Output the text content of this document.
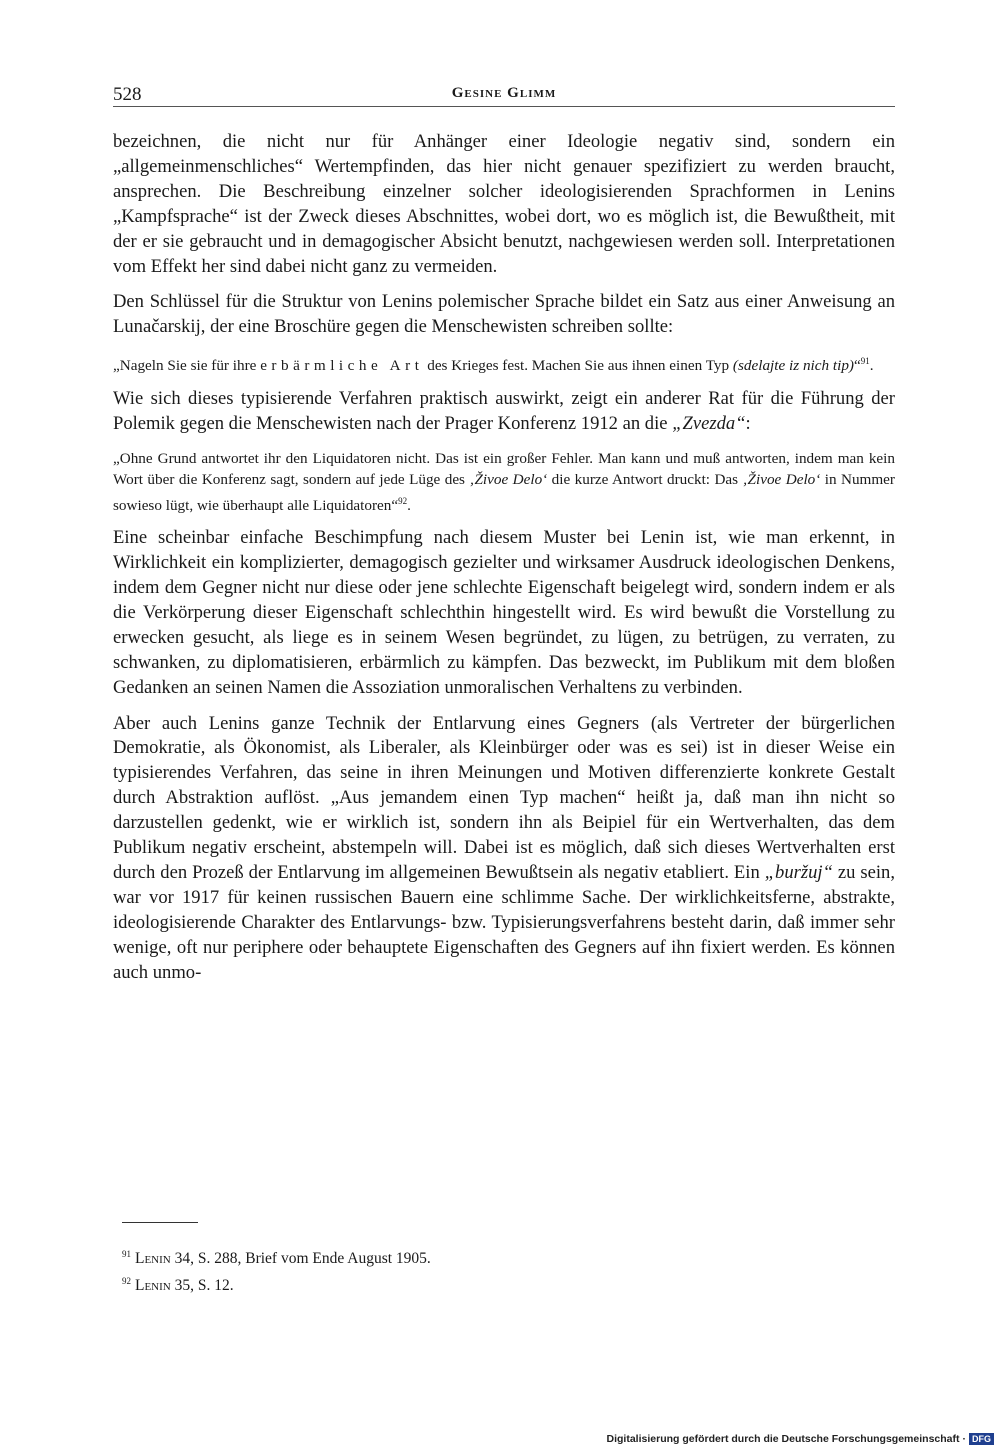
528	Gesine Glimm

bezeichnen, die nicht nur für Anhänger einer Ideologie negativ sind, sondern ein „allgemeinmenschliches“ Wertempfinden, das hier nicht genauer spezifiziert zu werden braucht, ansprechen. Die Beschreibung einzelner solcher ideologisierenden Sprachformen in Lenins „Kampfsprache“ ist der Zweck dieses Abschnittes, wobei dort, wo es möglich ist, die Bewußtheit, mit der er sie gebraucht und in demagogischer Absicht benutzt, nachgewiesen werden soll. Interpretationen vom Effekt her sind dabei nicht ganz zu vermeiden.

Den Schlüssel für die Struktur von Lenins polemischer Sprache bildet ein Satz aus einer Anweisung an Lunačarskij, der eine Broschüre gegen die Menschewisten schreiben sollte:

„Nageln Sie sie für ihre erbärmliche Art des Krieges fest. Machen Sie aus ihnen einen Typ (sdelajte iz nich tip)“$^{91}$.

Wie sich dieses typisierende Verfahren praktisch auswirkt, zeigt ein anderer Rat für die Führung der Polemik gegen die Menschewisten nach der Prager Konferenz 1912 an die „Zvezda“:

„Ohne Grund antwortet ihr den Liquidatoren nicht. Das ist ein großer Fehler. Man kann und muß antworten, indem man kein Wort über die Konferenz sagt, sondern auf jede Lüge des ‚Živoe Delo‘ die kurze Antwort druckt: Das ‚Živoe Delo‘ in Nummer sowieso lügt, wie überhaupt alle Liquidatoren“$^{92}$.

Eine scheinbar einfache Beschimpfung nach diesem Muster bei Lenin ist, wie man erkennt, in Wirklichkeit ein komplizierter, demagogisch gezielter und wirksamer Ausdruck ideologischen Denkens, indem dem Gegner nicht nur diese oder jene schlechte Eigenschaft beigelegt wird, sondern indem er als die Verkörperung dieser Eigenschaft schlechthin hingestellt wird. Es wird bewußt die Vorstellung zu erwecken gesucht, als liege es in seinem Wesen begründet, zu lügen, zu betrügen, zu verraten, zu schwanken, zu diplomatisieren, erbärmlich zu kämpfen. Das bezweckt, im Publikum mit dem bloßen Gedanken an seinen Namen die Assoziation unmoralischen Verhaltens zu verbinden.

Aber auch Lenins ganze Technik der Entlarvung eines Gegners (als Vertreter der bürgerlichen Demokratie, als Ökonomist, als Liberaler, als Kleinbürger oder was es sei) ist in dieser Weise ein typisierendes Verfahren, das seine in ihren Meinungen und Motiven differenzierte konkrete Gestalt durch Abstraktion auflöst. „Aus jemandem einen Typ machen“ heißt ja, daß man ihn nicht so darzustellen gedenkt, wie er wirklich ist, sondern ihn als Beipiel für ein Wertverhalten, das dem Publikum negativ erscheint, abstempeln will. Dabei ist es möglich, daß sich dieses Wertverhalten erst durch den Prozeß der Entlarvung im allgemeinen Bewußtsein als negativ etabliert. Ein „buržuj“ zu sein, war vor 1917 für keinen russischen Bauern eine schlimme Sache. Der wirklichkeitsferne, abstrakte, ideologisierende Charakter des Entlarvungs- bzw. Typisierungsverfahrens besteht darin, daß immer sehr wenige, oft nur periphere oder behauptete Eigenschaften des Gegners auf ihn fixiert werden. Es können auch unmo-

$^{91}$ Lenin 34, S. 288, Brief vom Ende August 1905.
$^{92}$ Lenin 35, S. 12.
Digitalisierung gefördert durch die Deutsche Forschungsgemeinschaft · DFG
